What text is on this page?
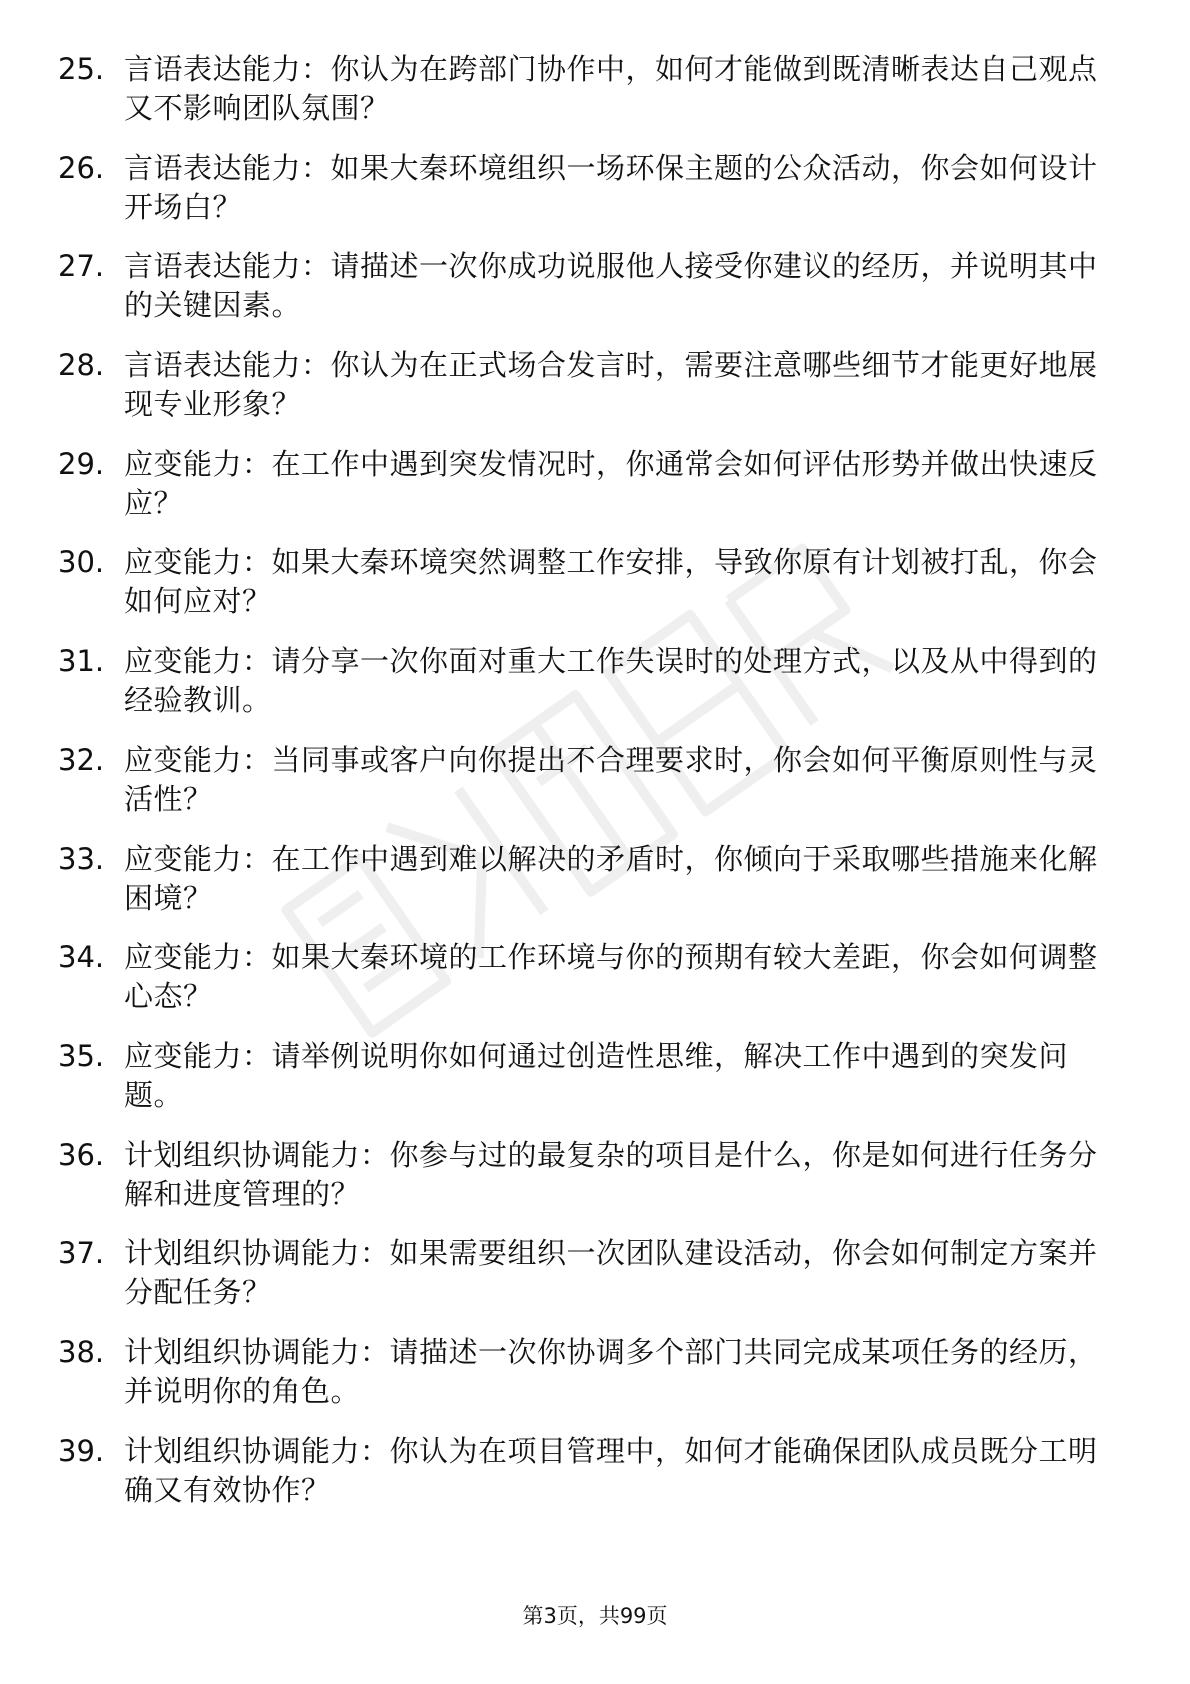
25. 言语表达能力：你认为在跨部门协作中，如何才能做到既清晰表达自己观点又不影响团队氛围？
26. 言语表达能力：如果大秦环境组织一场环保主题的公众活动，你会如何设计开场白？
27. 言语表达能力：请描述一次你成功说服他人接受你建议的经历，并说明其中的关键因素。
28. 言语表达能力：你认为在正式场合发言时，需要注意哪些细节才能更好地展现专业形象？
29. 应变能力：在工作中遇到突发情况时，你通常会如何评估形势并做出快速反应？
30. 应变能力：如果大秦环境突然调整工作安排，导致你原有计划被打乱，你会如何应对？
31. 应变能力：请分享一次你面对重大工作失误时的处理方式，以及从中得到的经验教训。
32. 应变能力：当同事或客户向你提出不合理要求时，你会如何平衡原则性与灵活性？
33. 应变能力：在工作中遇到难以解决的矛盾时，你倾向于采取哪些措施来化解困境？
34. 应变能力：如果大秦环境的工作环境与你的预期有较大差距，你会如何调整心态？
35. 应变能力：请举例说明你如何通过创造性思维，解决工作中遇到的突发问题。
36. 计划组织协调能力：你参与过的最复杂的项目是什么，你是如何进行任务分解和进度管理的？
37. 计划组织协调能力：如果需要组织一次团队建设活动，你会如何制定方案并分配任务？
38. 计划组织协调能力：请描述一次你协调多个部门共同完成某项任务的经历，并说明你的角色。
39. 计划组织协调能力：你认为在项目管理中，如何才能确保团队成员既分工明确又有效协作？
第3页，共99页
